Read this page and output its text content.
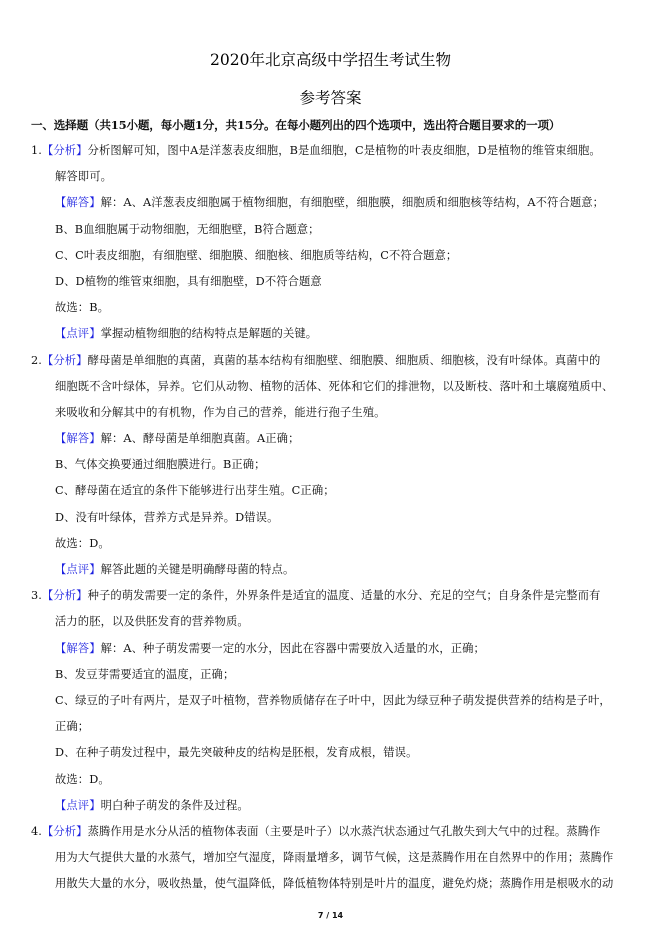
2020年北京高级中学招生考试生物
参考答案
一、选择题（共15小题，每小题1分，共15分。在每小题列出的四个选项中，选出符合题目要求的一项）
1.【分析】分析图解可知，图中A是洋葱表皮细胞，B是血细胞，C是植物的叶表皮细胞，D是植物的维管束细胞。
解答即可。
【解答】解：A、A洋葱表皮细胞属于植物细胞，有细胞壁，细胞膜，细胞质和细胞核等结构，A不符合题意；
B、B血细胞属于动物细胞，无细胞壁，B符合题意；
C、C叶表皮细胞，有细胞壁、细胞膜、细胞核、细胞质等结构，C不符合题意；
D、D植物的维管束细胞，具有细胞壁，D不符合题意
故选：B。
【点评】掌握动植物细胞的结构特点是解题的关键。
2.【分析】酵母菌是单细胞的真菌，真菌的基本结构有细胞壁、细胞膜、细胞质、细胞核，没有叶绿体。真菌中的
细胞既不含叶绿体，异养。它们从动物、植物的活体、死体和它们的排泄物，以及断枝、落叶和土壤腐殖质中、
来吸收和分解其中的有机物，作为自己的营养，能进行孢子生殖。
【解答】解：A、酵母菌是单细胞真菌。A正确；
B、气体交换要通过细胞膜进行。B正确；
C、酵母菌在适宜的条件下能够进行出芽生殖。C正确；
D、没有叶绿体，营养方式是异养。D错误。
故选：D。
【点评】解答此题的关键是明确酵母菌的特点。
3.【分析】种子的萌发需要一定的条件，外界条件是适宜的温度、适量的水分、充足的空气；自身条件是完整而有
活力的胚，以及供胚发育的营养物质。
【解答】解：A、种子萌发需要一定的水分，因此在容器中需要放入适量的水，正确；
B、发豆芽需要适宜的温度，正确；
C、绿豆的子叶有两片，是双子叶植物，营养物质储存在子叶中，因此为绿豆种子萌发提供营养的结构是子叶，
正确；
D、在种子萌发过程中，最先突破种皮的结构是胚根，发育成根，错误。
故选：D。
【点评】明白种子萌发的条件及过程。
4.【分析】蒸腾作用是水分从活的植物体表面（主要是叶子）以水蒸汽状态通过气孔散失到大气中的过程。蒸腾作
用为大气提供大量的水蒸气，增加空气湿度，降雨量增多，调节气候，这是蒸腾作用在自然界中的作用；蒸腾作
用散失大量的水分，吸收热量，使气温降低，降低植物体特别是叶片的温度，避免灼烧；蒸腾作用是根吸水的动
7 / 14
